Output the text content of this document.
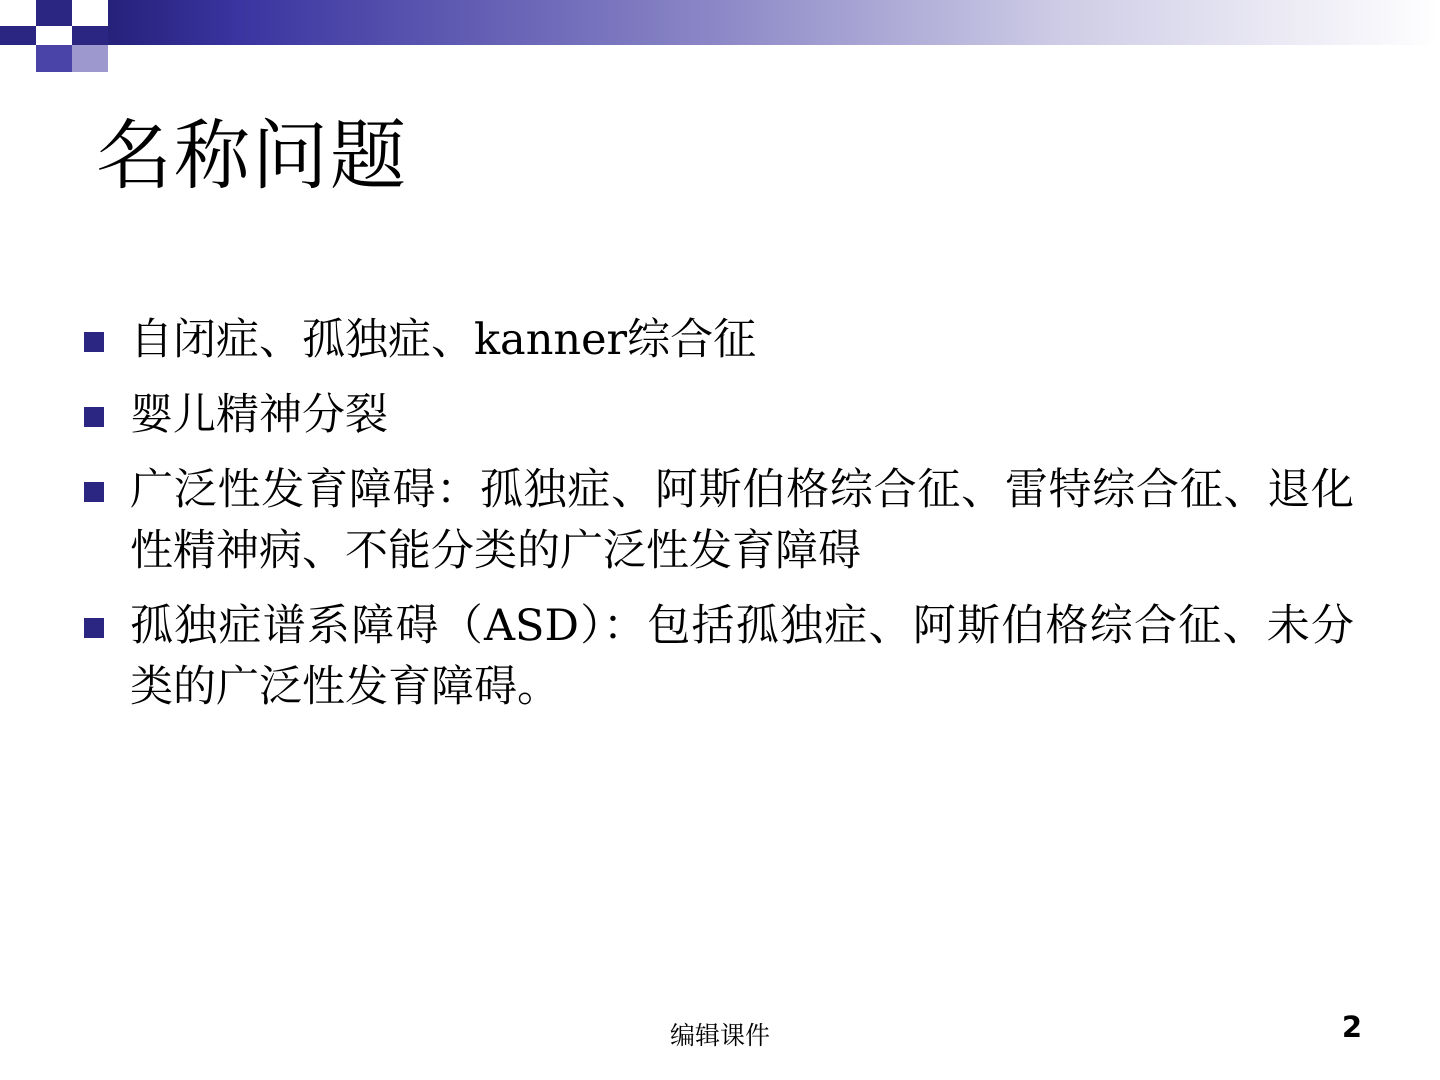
名称问题
自闭症、孤独症、kanner综合征
婴儿精神分裂
广泛性发育障碍：孤独症、阿斯伯格综合征、雷特综合征、退化性精神病、不能分类的广泛性发育障碍
孤独症谱系障碍（ASD）：包括孤独症、阿斯伯格综合征、未分类的广泛性发育障碍。
编辑课件	2
